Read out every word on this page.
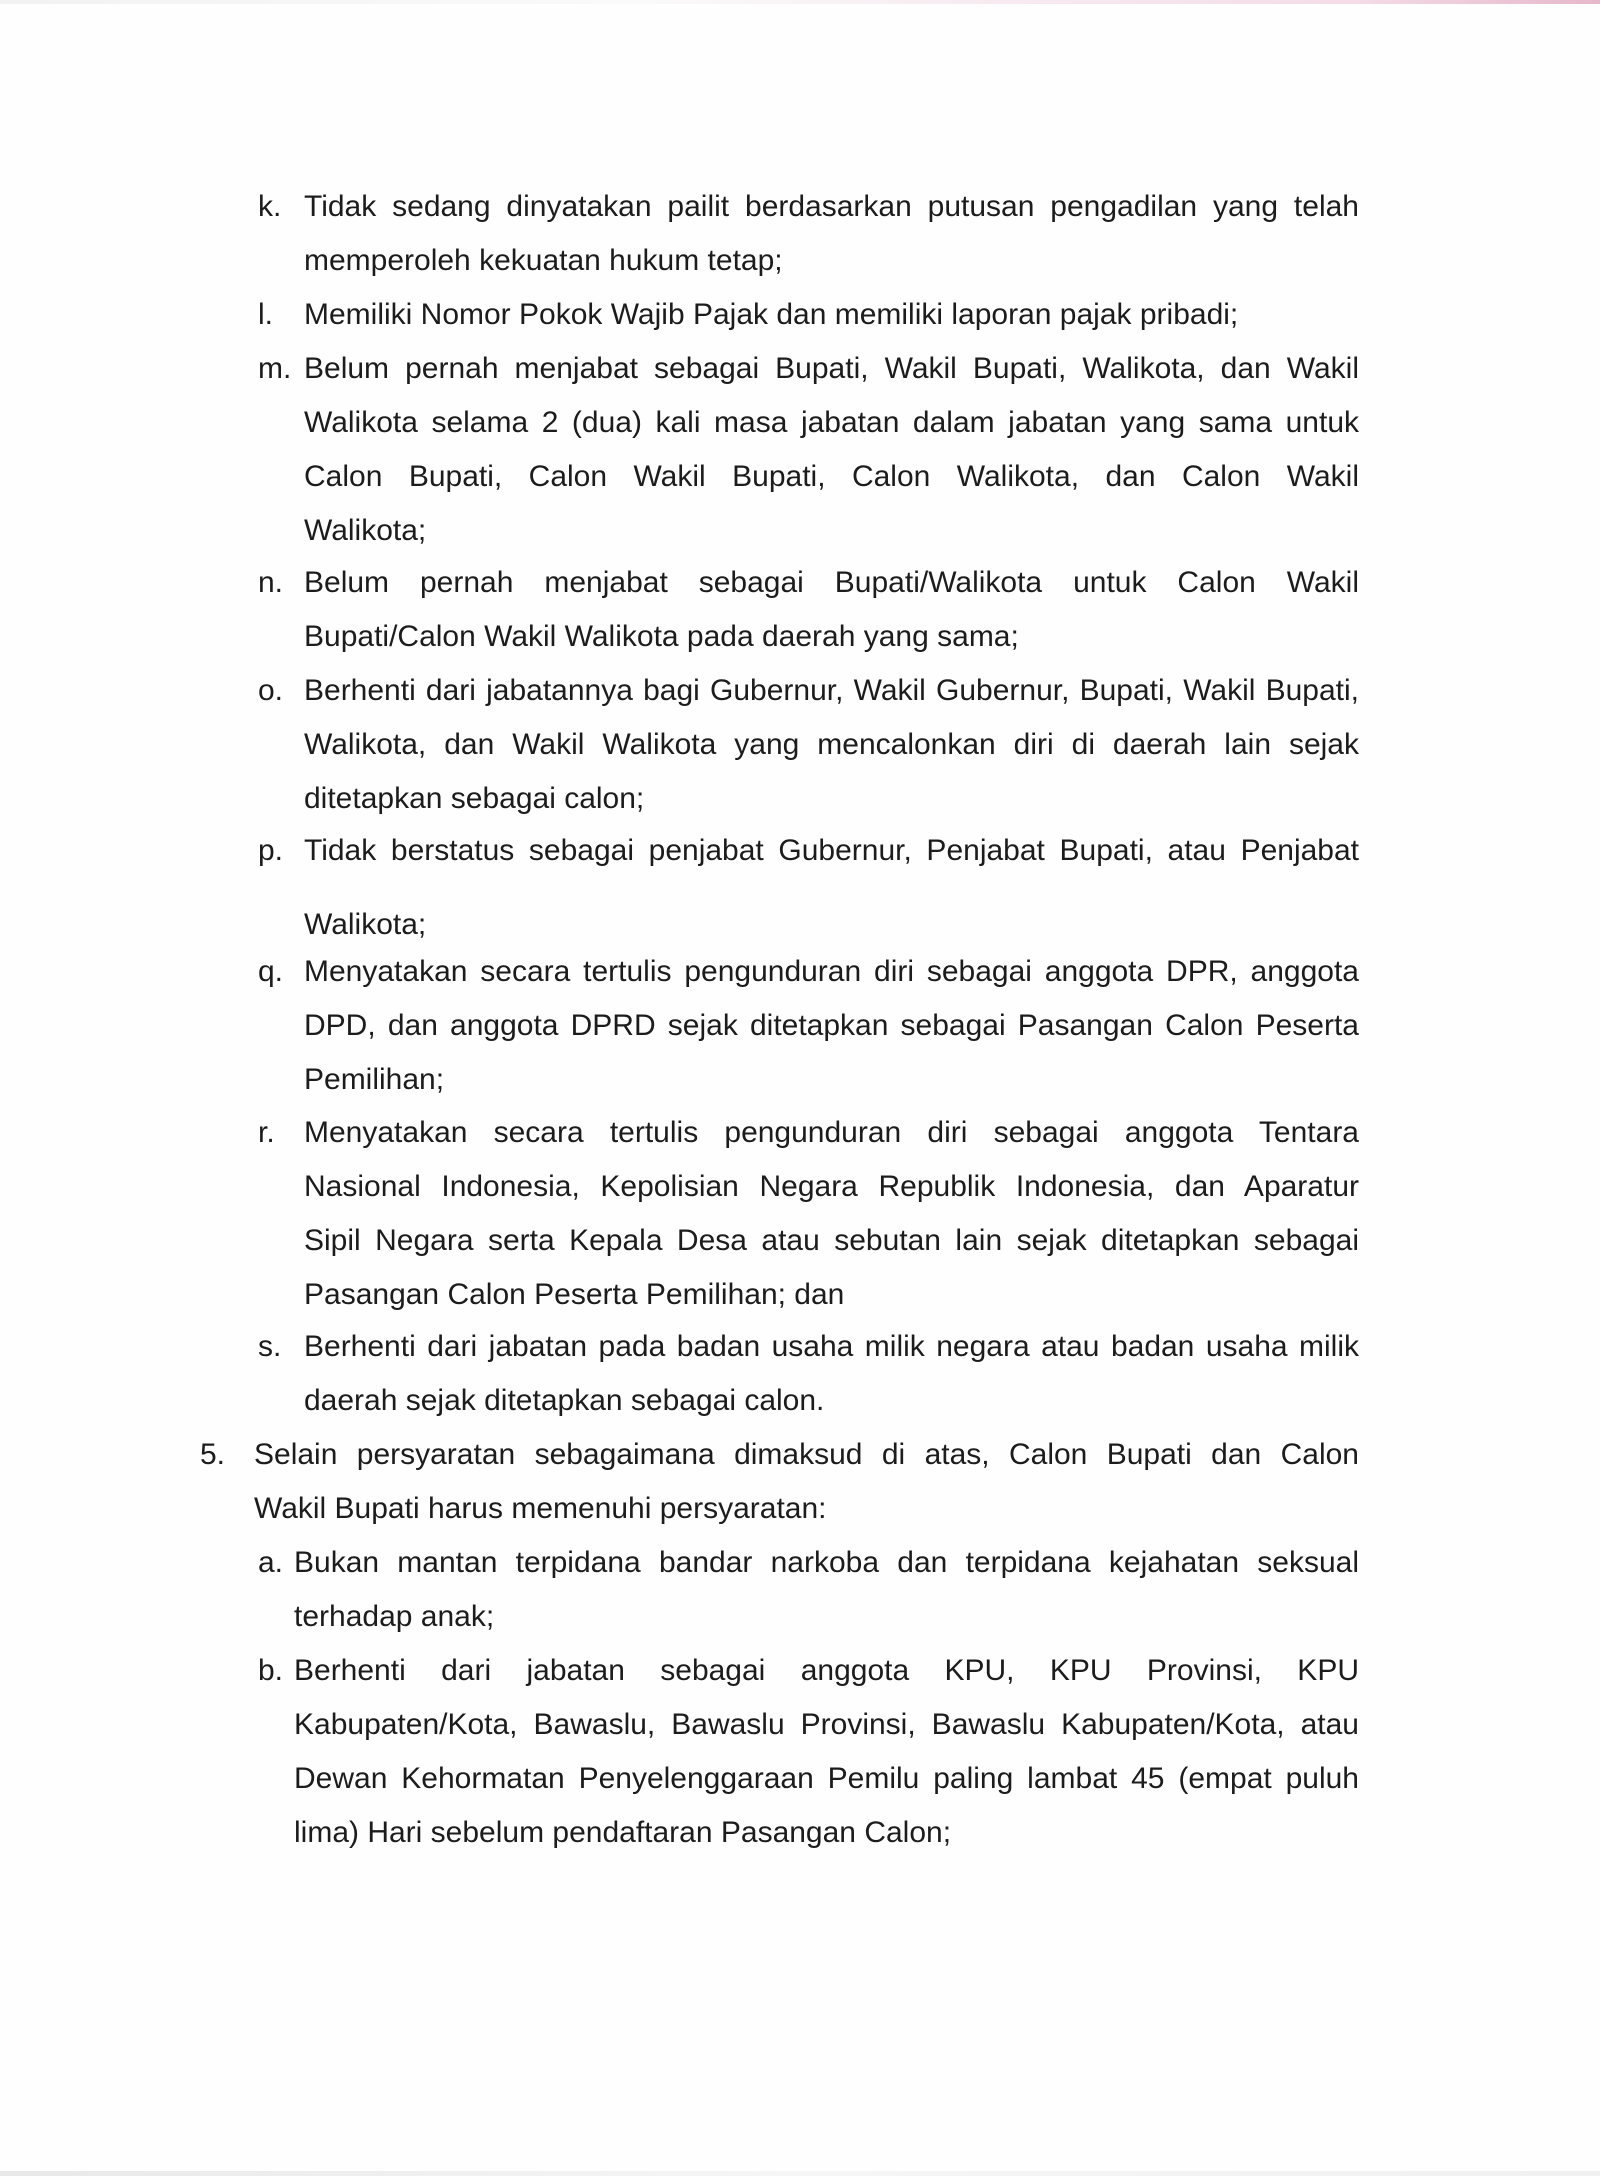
k. Tidak sedang dinyatakan pailit berdasarkan putusan pengadilan yang telah
memperoleh kekuatan hukum tetap;
l. Memiliki Nomor Pokok Wajib Pajak dan memiliki laporan pajak pribadi;
m. Belum pernah menjabat sebagai Bupati, Wakil Bupati, Walikota, dan Wakil
Walikota selama 2 (dua) kali masa jabatan dalam jabatan yang sama untuk
Calon Bupati, Calon Wakil Bupati, Calon Walikota, dan Calon Wakil
Walikota;
n. Belum pernah menjabat sebagai Bupati/Walikota untuk Calon Wakil
Bupati/Calon Wakil Walikota pada daerah yang sama;
o. Berhenti dari jabatannya bagi Gubernur, Wakil Gubernur, Bupati, Wakil Bupati,
Walikota, dan Wakil Walikota yang mencalonkan diri di daerah lain sejak
ditetapkan sebagai calon;
p. Tidak berstatus sebagai penjabat Gubernur, Penjabat Bupati, atau Penjabat
Walikota;
q. Menyatakan secara tertulis pengunduran diri sebagai anggota DPR, anggota
DPD, dan anggota DPRD sejak ditetapkan sebagai Pasangan Calon Peserta
Pemilihan;
r. Menyatakan secara tertulis pengunduran diri sebagai anggota Tentara
Nasional Indonesia, Kepolisian Negara Republik Indonesia, dan Aparatur
Sipil Negara serta Kepala Desa atau sebutan lain sejak ditetapkan sebagai
Pasangan Calon Peserta Pemilihan; dan
s. Berhenti dari jabatan pada badan usaha milik negara atau badan usaha milik
daerah sejak ditetapkan sebagai calon.
5. Selain persyaratan sebagaimana dimaksud di atas, Calon Bupati dan Calon
Wakil Bupati harus memenuhi persyaratan:
a. Bukan mantan terpidana bandar narkoba dan terpidana kejahatan seksual
terhadap anak;
b. Berhenti dari jabatan sebagai anggota KPU, KPU Provinsi, KPU
Kabupaten/Kota, Bawaslu, Bawaslu Provinsi, Bawaslu Kabupaten/Kota, atau
Dewan Kehormatan Penyelenggaraan Pemilu paling lambat 45 (empat puluh
lima) Hari sebelum pendaftaran Pasangan Calon;
